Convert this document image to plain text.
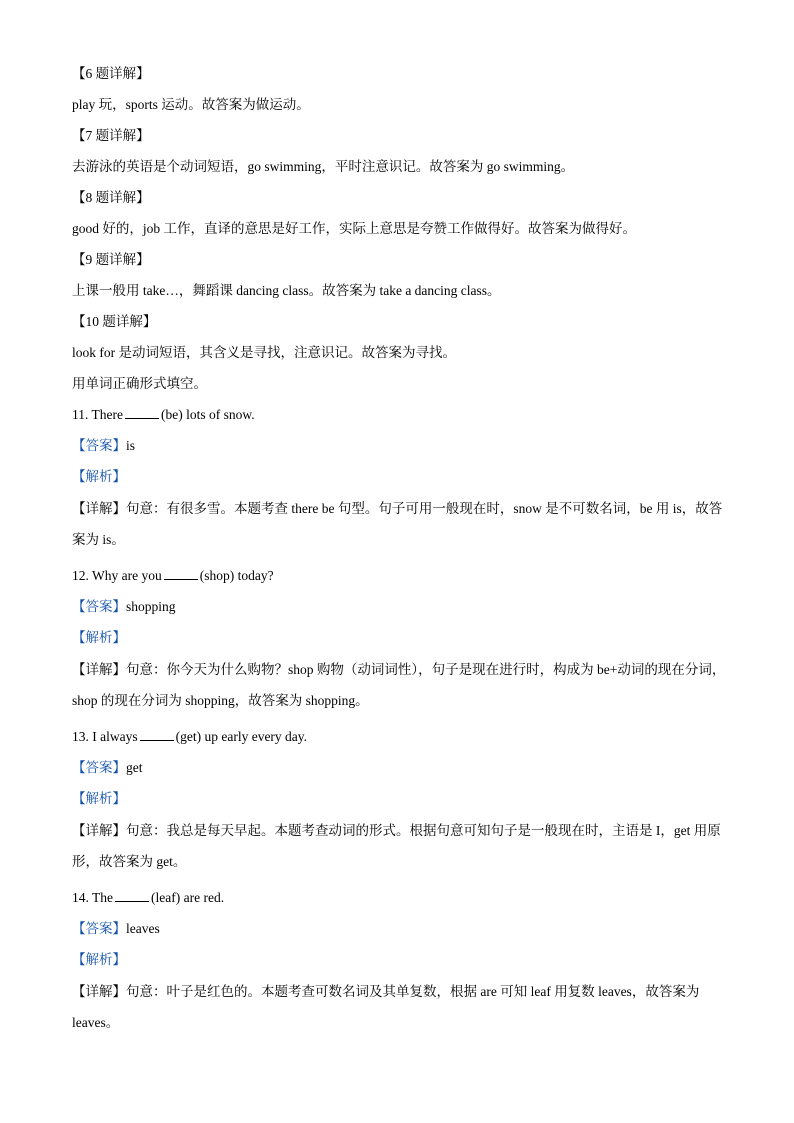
【6 题详解】

play 玩，sports 运动。故答案为做运动。

【7 题详解】

去游泳的英语是个动词短语，go swimming，平时注意识记。故答案为 go swimming。

【8 题详解】

good 好的，job 工作，直译的意思是好工作，实际上意思是夸赞工作做得好。故答案为做得好。

【9 题详解】

上课一般用 take…，舞蹈课 dancing class。故答案为 take a dancing class。

【10 题详解】

look for 是动词短语，其含义是寻找，注意识记。故答案为寻找。

用单词正确形式填空。

11. There	(be) lots of snow.

【答案】is

【解析】

【详解】句意：有很多雪。本题考查 there be 句型。句子可用一般现在时，snow 是不可数名词，be 用 is，故答案为 is。

12. Why are you	(shop) today?

【答案】shopping

【解析】

【详解】句意：你今天为什么购物？shop 购物（动词词性），句子是现在进行时，构成为 be+动词的现在分词，shop 的现在分词为 shopping，故答案为 shopping。

13. I always	(get) up early every day.

【答案】get

【解析】

【详解】句意：我总是每天早起。本题考查动词的形式。根据句意可知句子是一般现在时，主语是 I，get 用原形，故答案为 get。

14. The	(leaf) are red.

【答案】leaves

【解析】

【详解】句意：叶子是红色的。本题考查可数名词及其单复数，根据 are 可知 leaf 用复数 leaves，故答案为 leaves。
